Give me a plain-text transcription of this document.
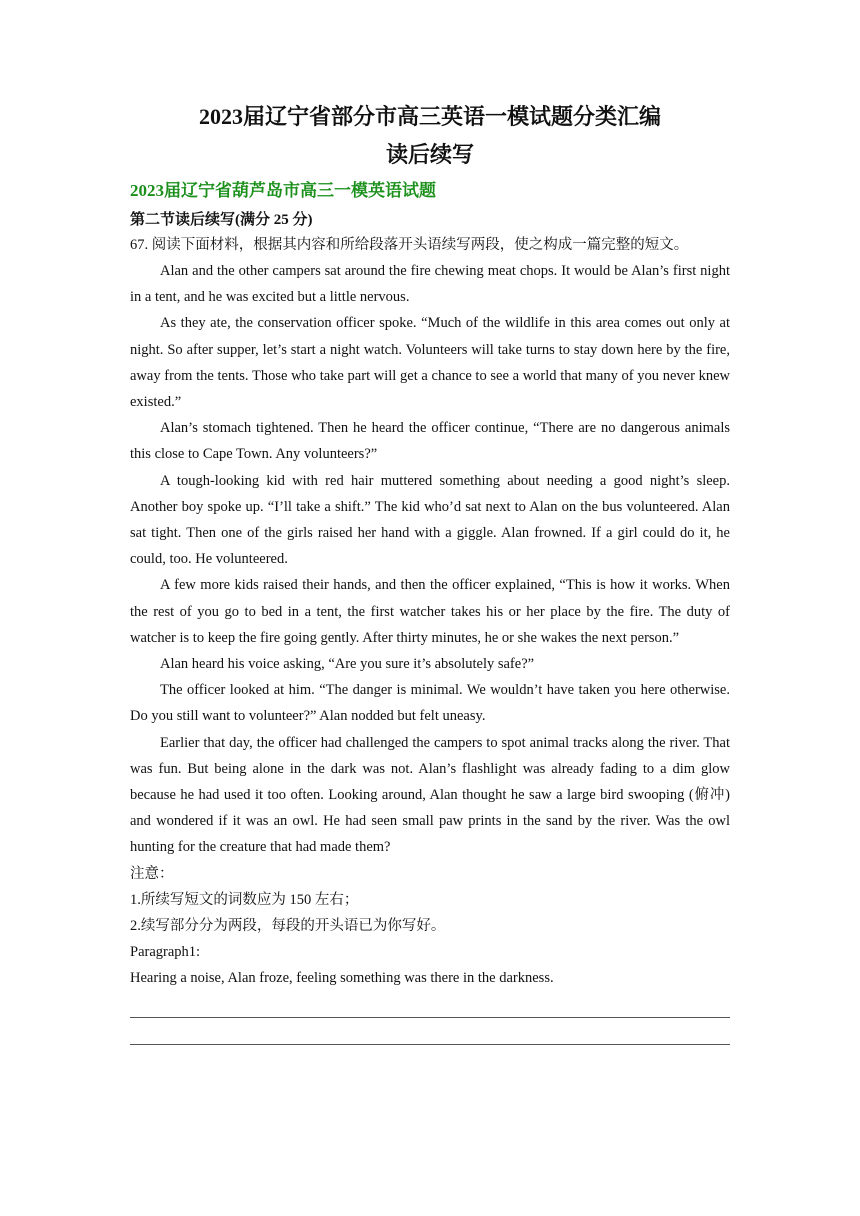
2023届辽宁省部分市高三英语一模试题分类汇编

读后续写

2023届辽宁省葫芦岛市高三一模英语试题

第二节读后续写(满分 25 分)

67. 阅读下面材料，根据其内容和所给段落开头语续写两段，使之构成一篇完整的短文。

Alan and the other campers sat around the fire chewing meat chops. It would be Alan’s first night in a tent, and he was excited but a little nervous.

As they ate, the conservation officer spoke. “Much of the wildlife in this area comes out only at night. So after supper, let’s start a night watch. Volunteers will take turns to stay down here by the fire, away from the tents. Those who take part will get a chance to see a world that many of you never knew existed.”

Alan’s stomach tightened. Then he heard the officer continue, “There are no dangerous animals this close to Cape Town. Any volunteers?”

A tough-looking kid with red hair muttered something about needing a good night’s sleep. Another boy spoke up. “I’ll take a shift.” The kid who’d sat next to Alan on the bus volunteered. Alan sat tight. Then one of the girls raised her hand with a giggle. Alan frowned. If a girl could do it, he could, too. He volunteered.

A few more kids raised their hands, and then the officer explained, “This is how it works. When the rest of you go to bed in a tent, the first watcher takes his or her place by the fire. The duty of watcher is to keep the fire going gently. After thirty minutes, he or she wakes the next person.”

Alan heard his voice asking, “Are you sure it’s absolutely safe?”

The officer looked at him. “The danger is minimal. We wouldn’t have taken you here otherwise. Do you still want to volunteer?” Alan nodded but felt uneasy.

Earlier that day, the officer had challenged the campers to spot animal tracks along the river. That was fun. But being alone in the dark was not. Alan’s flashlight was already fading to a dim glow because he had used it too often. Looking around, Alan thought he saw a large bird swooping (俯冲) and wondered if it was an owl. He had seen small paw prints in the sand by the river. Was the owl hunting for the creature that had made them?

注意：

1.所续写短文的词数应为 150 左右；

2.续写部分分为两段，每段的开头语已为你写好。

Paragraph1:

Hearing a noise, Alan froze, feeling something was there in the darkness.
